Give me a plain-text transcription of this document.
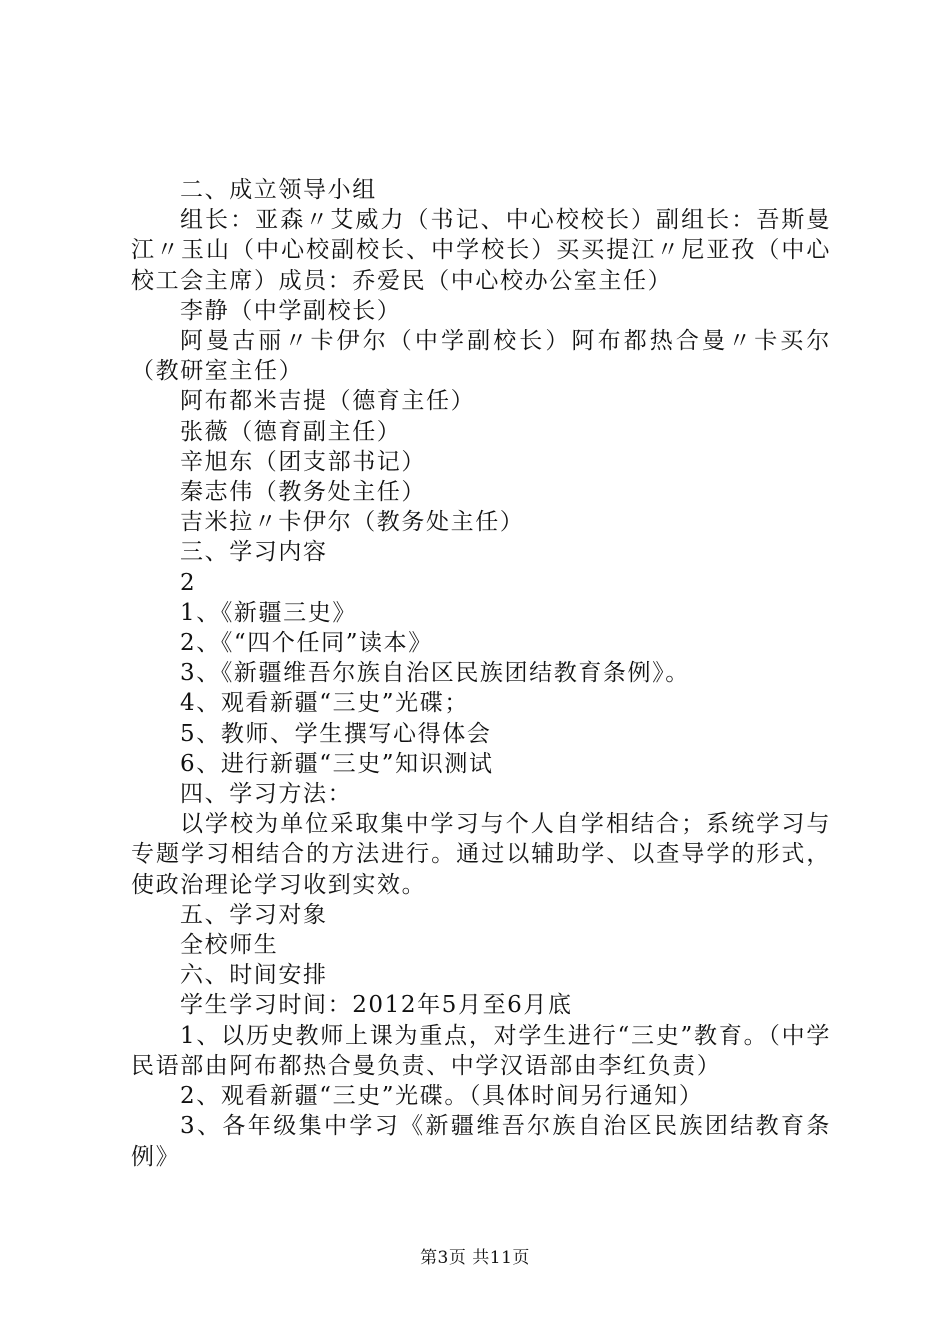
二、成立领导小组

组长：亚森〃艾威力（书记、中心校校长）副组长：吾斯曼江〃玉山（中心校副校长、中学校长）买买提江〃尼亚孜（中心校工会主席）成员：乔爱民（中心校办公室主任）

李静（中学副校长）

阿曼古丽〃卡伊尔（中学副校长）阿布都热合曼〃卡买尔（教研室主任）

阿布都米吉提（德育主任）

张薇（德育副主任）

辛旭东（团支部书记）

秦志伟（教务处主任）

吉米拉〃卡伊尔（教务处主任）

三、学习内容

2

1、《新疆三史》

2、《“四个任同”读本》

3、《新疆维吾尔族自治区民族团结教育条例》。

4、观看新疆“三史”光碟；

5、教师、学生撰写心得体会

6、进行新疆“三史”知识测试

四、学习方法：

以学校为单位采取集中学习与个人自学相结合；系统学习与专题学习相结合的方法进行。通过以辅助学、以查导学的形式，使政治理论学习收到实效。

五、学习对象

全校师生

六、时间安排

学生学习时间：2012年5月至6月底

1、以历史教师上课为重点，对学生进行“三史”教育。（中学民语部由阿布都热合曼负责、中学汉语部由李红负责）

2、观看新疆“三史”光碟。（具体时间另行通知）

3、各年级集中学习《新疆维吾尔族自治区民族团结教育条例》

第3页 共11页
